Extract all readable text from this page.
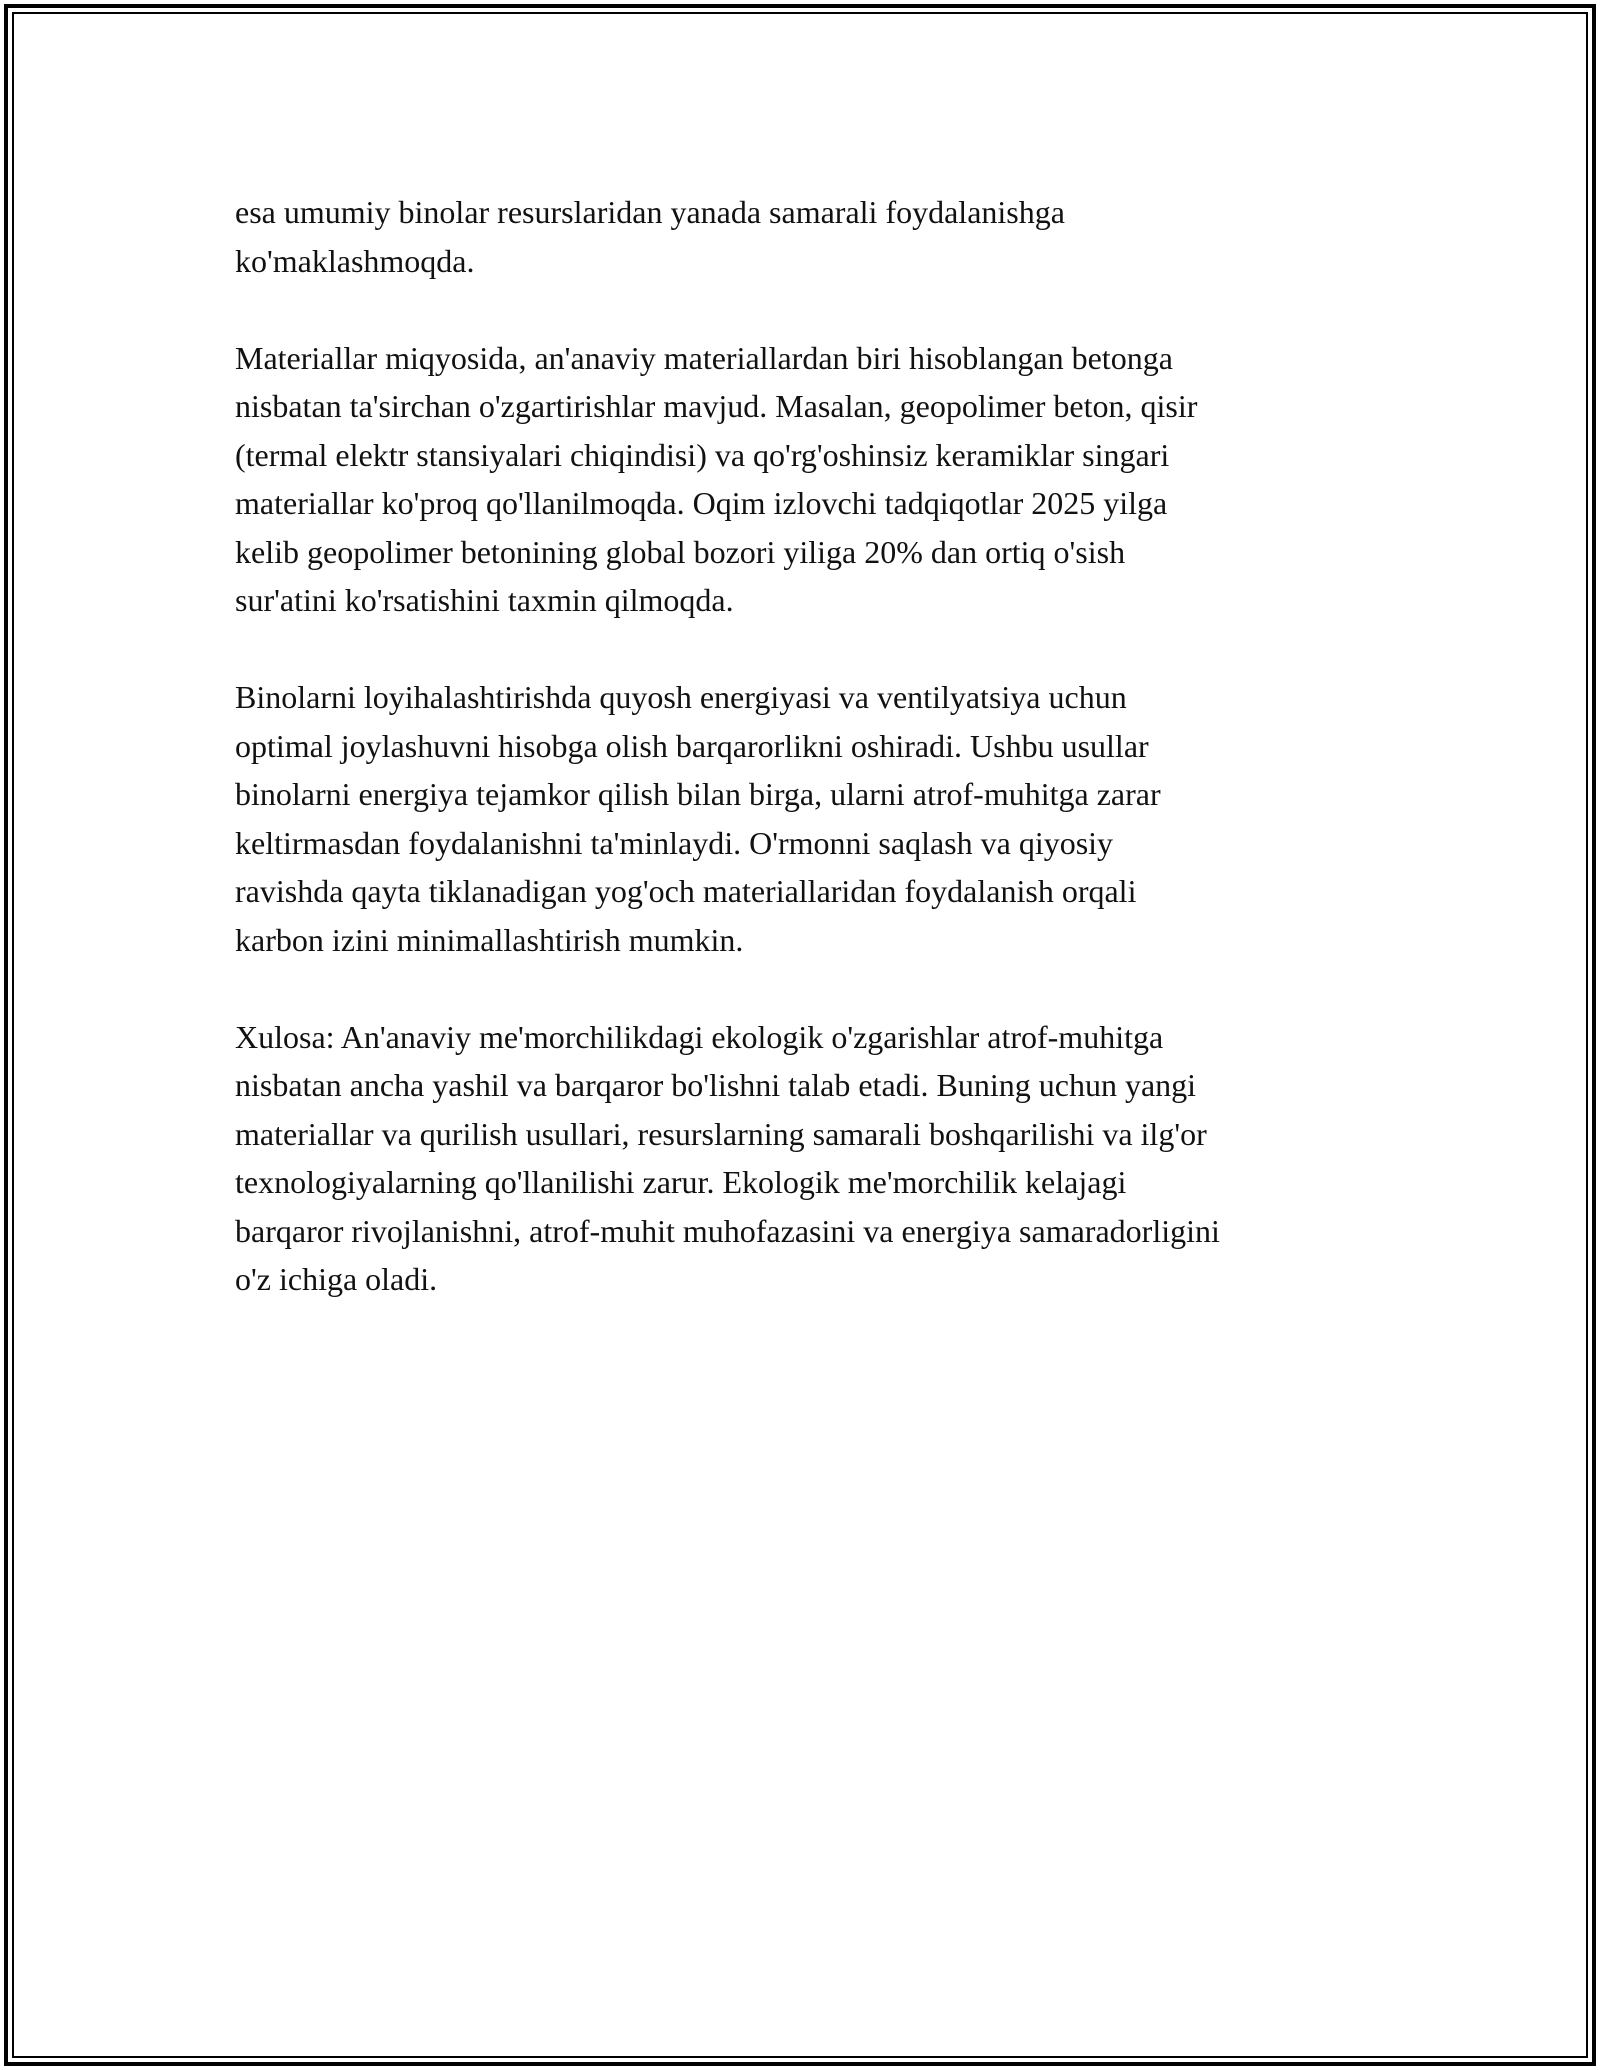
esa umumiy binolar resurslaridan yanada samarali foydalanishga
ko'maklashmoqda.

Materiallar miqyosida, an'anaviy materiallardan biri hisoblangan betonga
nisbatan ta'sirchan o'zgartirishlar mavjud. Masalan, geopolimer beton, qisir
(termal elektr stansiyalari chiqindisi) va qo'rg'oshinsiz keramiklar singari
materiallar ko'proq qo'llanilmoqda. Oqim izlovchi tadqiqotlar 2025 yilga
kelib geopolimer betonining global bozori yiliga 20% dan ortiq o'sish
sur'atini ko'rsatishini taxmin qilmoqda.

Binolarni loyihalashtirishda quyosh energiyasi va ventilyatsiya uchun
optimal joylashuvni hisobga olish barqarorlikni oshiradi. Ushbu usullar
binolarni energiya tejamkor qilish bilan birga, ularni atrof-muhitga zarar
keltirmasdan foydalanishni ta'minlaydi. O'rmonni saqlash va qiyosiy
ravishda qayta tiklanadigan yog'och materiallaridan foydalanish orqali
karbon izini minimallashtirish mumkin.

Xulosa: An'anaviy me'morchilikdagi ekologik o'zgarishlar atrof-muhitga
nisbatan ancha yashil va barqaror bo'lishni talab etadi. Buning uchun yangi
materiallar va qurilish usullari, resurslarning samarali boshqarilishi va ilg'or
texnologiyalarning qo'llanilishi zarur. Ekologik me'morchilik kelajagi
barqaror rivojlanishni, atrof-muhit muhofazasini va energiya samaradorligini
o'z ichiga oladi.
